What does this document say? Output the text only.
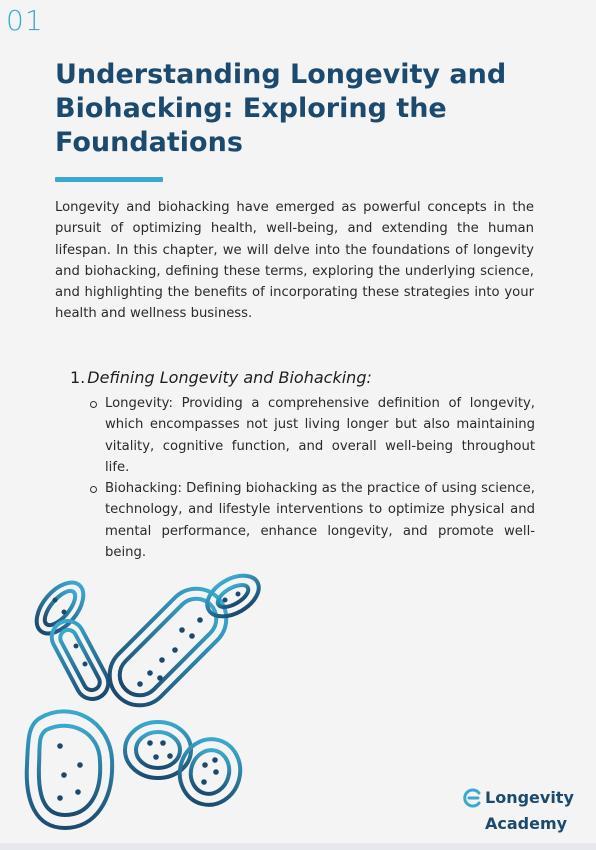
01
Understanding Longevity and Biohacking: Exploring the Foundations

Longevity and biohacking have emerged as powerful concepts in the pursuit of optimizing health, well-being, and extending the human lifespan. In this chapter, we will delve into the foundations of longevity and biohacking, defining these terms, exploring the underlying science, and highlighting the benefits of incorporating these strategies into your health and wellness business.

1. Defining Longevity and Biohacking:
Longevity: Providing a comprehensive definition of longevity, which encompasses not just living longer but also maintaining vitality, cognitive function, and overall well-being throughout life.
Biohacking: Defining biohacking as the practice of using science, technology, and lifestyle interventions to optimize physical and mental performance, enhance longevity, and promote well-being.
Longevity
Academy
